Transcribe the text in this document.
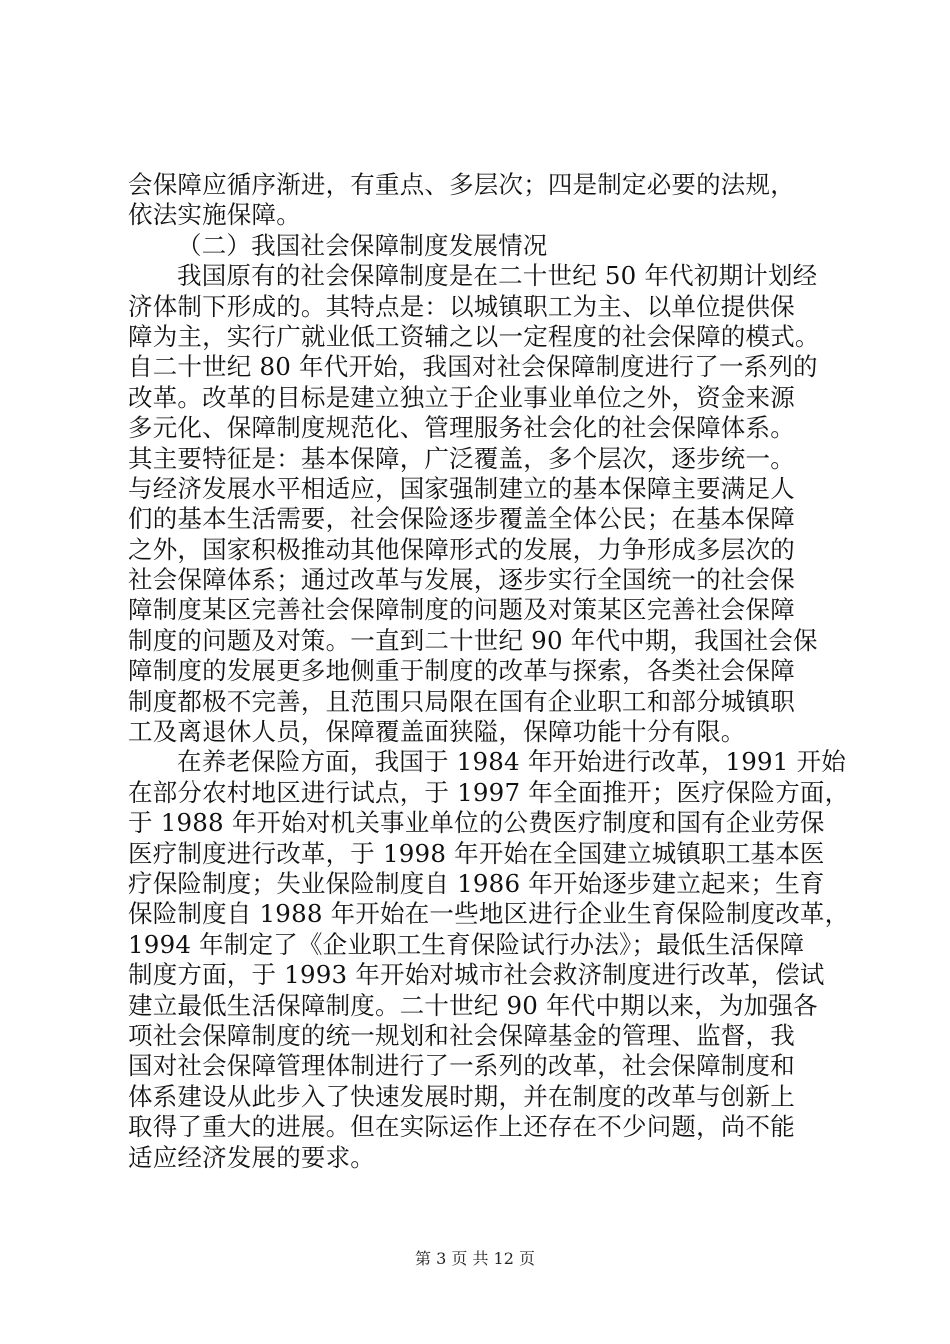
会保障应循序渐进，有重点、多层次；四是制定必要的法规，
依法实施保障。
（二）我国社会保障制度发展情况
我国原有的社会保障制度是在二十世纪 50 年代初期计划经
济体制下形成的。其特点是：以城镇职工为主、以单位提供保
障为主，实行广就业低工资辅之以一定程度的社会保障的模式。
自二十世纪 80 年代开始，我国对社会保障制度进行了一系列的
改革。改革的目标是建立独立于企业事业单位之外，资金来源
多元化、保障制度规范化、管理服务社会化的社会保障体系。
其主要特征是：基本保障，广泛覆盖，多个层次，逐步统一。
与经济发展水平相适应，国家强制建立的基本保障主要满足人
们的基本生活需要，社会保险逐步覆盖全体公民；在基本保障
之外，国家积极推动其他保障形式的发展，力争形成多层次的
社会保障体系；通过改革与发展，逐步实行全国统一的社会保
障制度某区完善社会保障制度的问题及对策某区完善社会保障
制度的问题及对策。一直到二十世纪 90 年代中期，我国社会保
障制度的发展更多地侧重于制度的改革与探索，各类社会保障
制度都极不完善，且范围只局限在国有企业职工和部分城镇职
工及离退休人员，保障覆盖面狭隘，保障功能十分有限。
在养老保险方面，我国于 1984 年开始进行改革，1991 开始
在部分农村地区进行试点，于 1997 年全面推开；医疗保险方面，
于 1988 年开始对机关事业单位的公费医疗制度和国有企业劳保
医疗制度进行改革，于 1998 年开始在全国建立城镇职工基本医
疗保险制度；失业保险制度自 1986 年开始逐步建立起来；生育
保险制度自 1988 年开始在一些地区进行企业生育保险制度改革，
1994 年制定了《企业职工生育保险试行办法》；最低生活保障
制度方面，于 1993 年开始对城市社会救济制度进行改革，偿试
建立最低生活保障制度。二十世纪 90 年代中期以来，为加强各
项社会保障制度的统一规划和社会保障基金的管理、监督，我
国对社会保障管理体制进行了一系列的改革，社会保障制度和
体系建设从此步入了快速发展时期，并在制度的改革与创新上
取得了重大的进展。但在实际运作上还存在不少问题，尚不能
适应经济发展的要求。
第 3 页 共 12 页
